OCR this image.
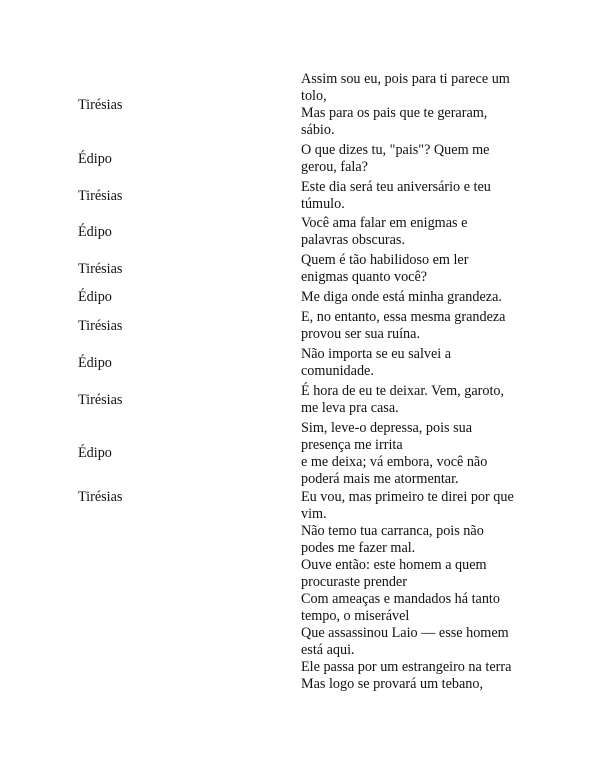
Tirésias
Assim sou eu, pois para ti parece um
tolo,
Mas para os pais que te geraram,
sábio.
Édipo
O que dizes tu, "pais"? Quem me
gerou, fala?
Tirésias
Este dia será teu aniversário e teu
túmulo.
Édipo
Você ama falar em enigmas e
palavras obscuras.
Tirésias
Quem é tão habilidoso em ler
enigmas quanto você?
Édipo	Me diga onde está minha grandeza.
Tirésias
E, no entanto, essa mesma grandeza
provou ser sua ruína.
Édipo
Não importa se eu salvei a
comunidade.
Tirésias
É hora de eu te deixar. Vem, garoto,
me leva pra casa.
Édipo
Sim, leve-o depressa, pois sua
presença me irrita
e me deixa; vá embora, você não
poderá mais me atormentar.
Tirésias	Eu vou, mas primeiro te direi por que
vim.
Não temo tua carranca, pois não
podes me fazer mal.
Ouve então: este homem a quem
procuraste prender
Com ameaças e mandados há tanto
tempo, o miserável
Que assassinou Laio — esse homem
está aqui.
Ele passa por um estrangeiro na terra
Mas logo se provará um tebano,
